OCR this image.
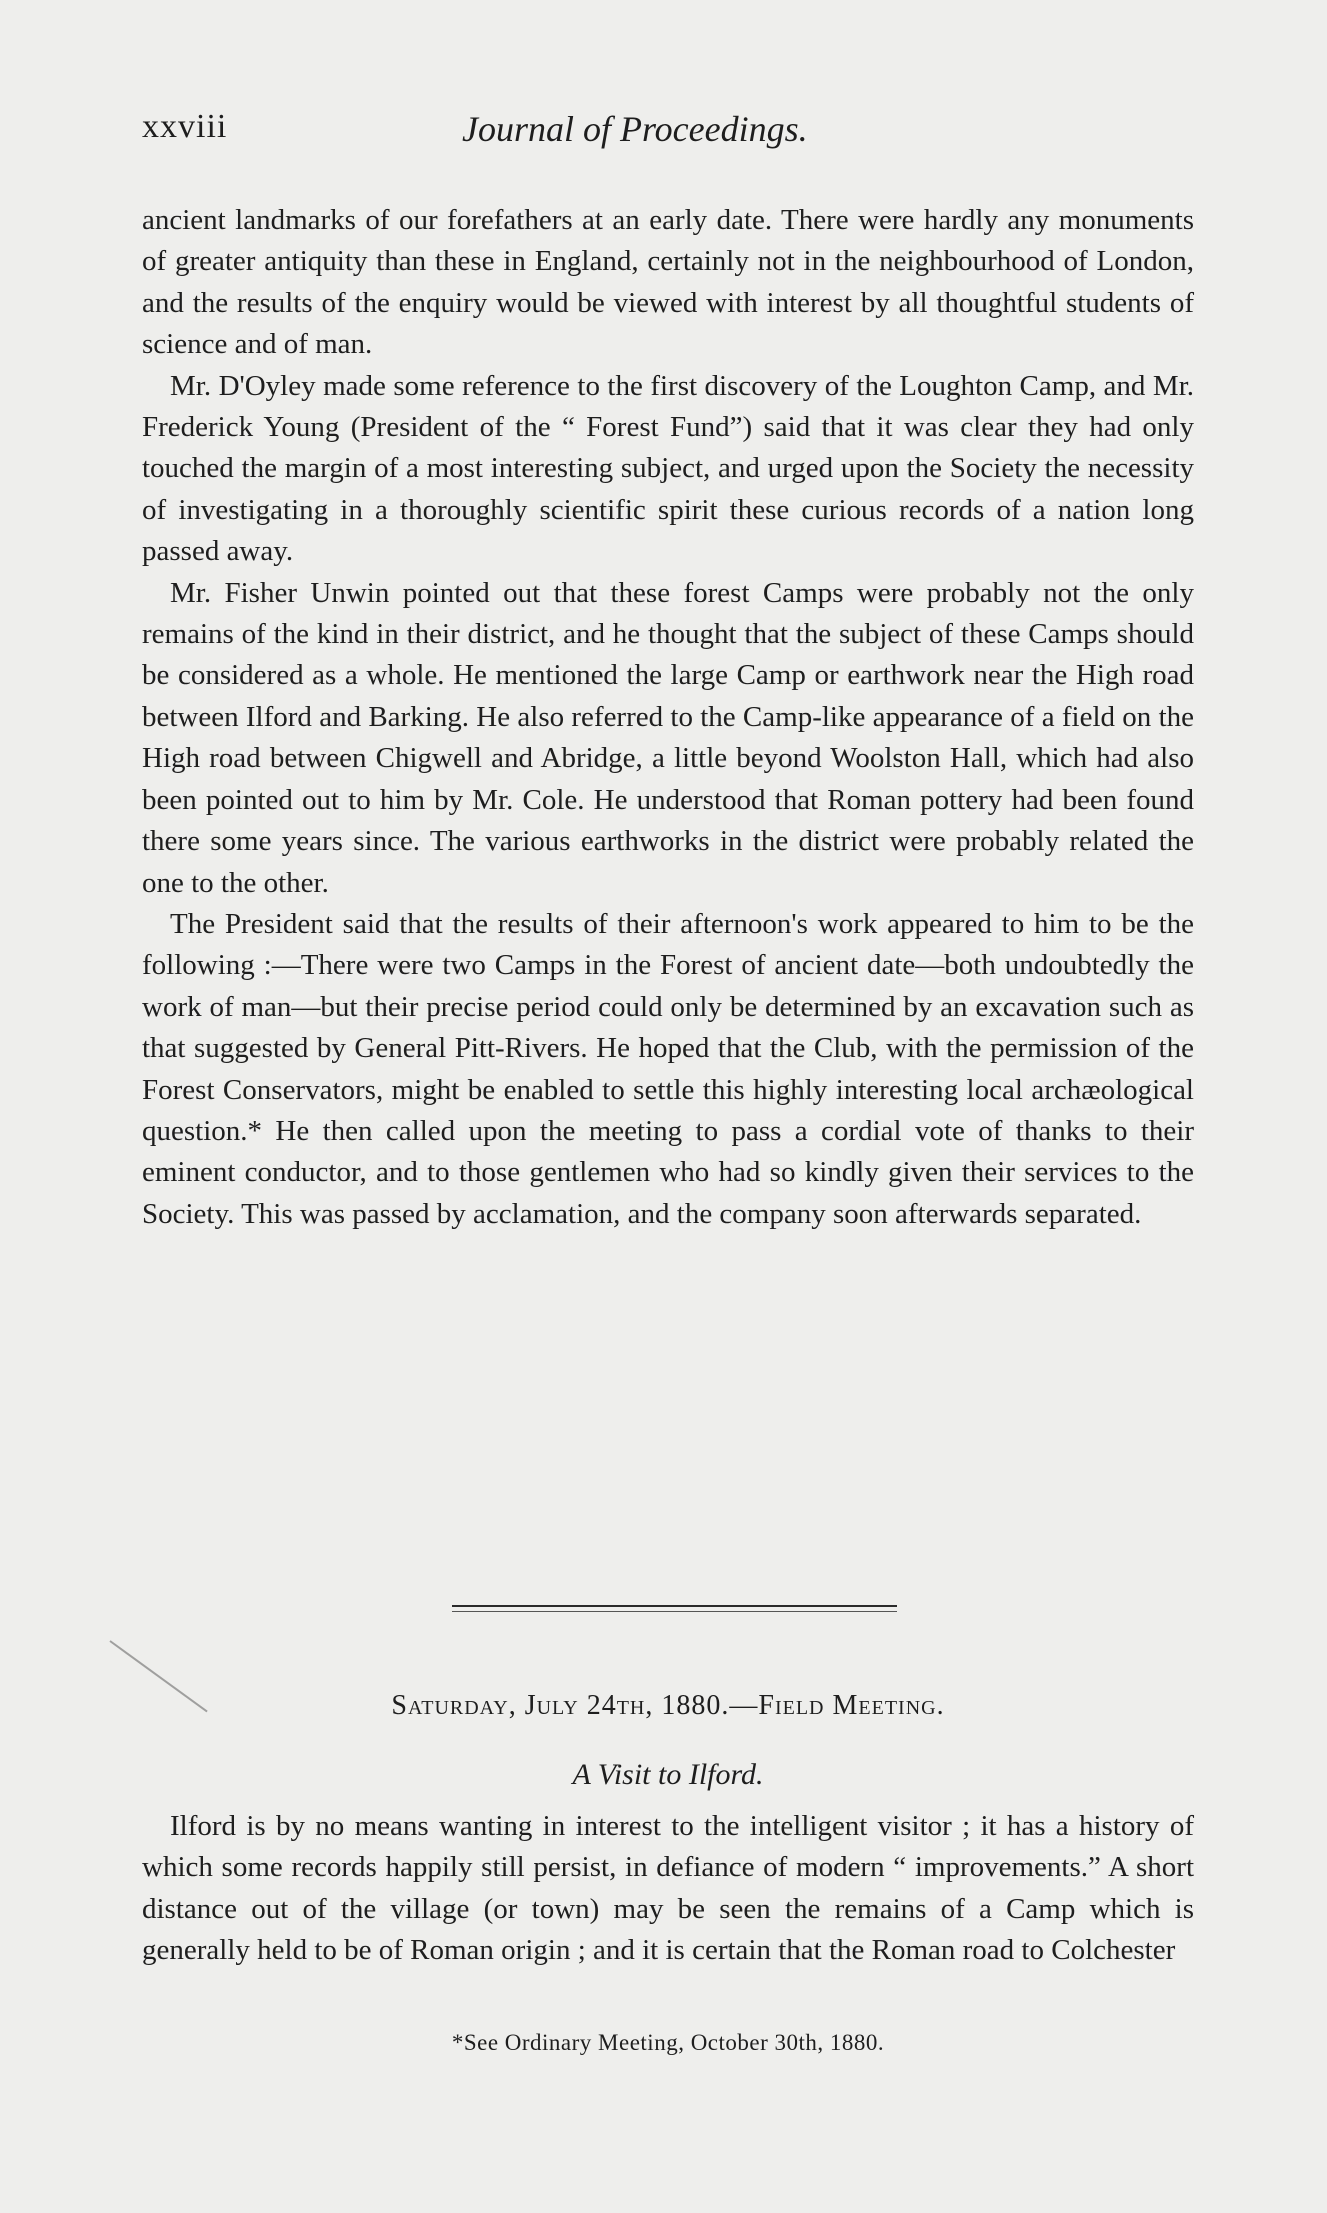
xxviii	Journal of Proceedings.

ancient landmarks of our forefathers at an early date. There were hardly any monuments of greater antiquity than these in England, certainly not in the neighbourhood of London, and the results of the enquiry would be viewed with interest by all thoughtful students of science and of man.

Mr. D'Oyley made some reference to the first discovery of the Loughton Camp, and Mr. Frederick Young (President of the “ Forest Fund”) said that it was clear they had only touched the margin of a most interesting subject, and urged upon the Society the necessity of investigating in a thoroughly scientific spirit these curious records of a nation long passed away.

Mr. Fisher Unwin pointed out that these forest Camps were probably not the only remains of the kind in their district, and he thought that the subject of these Camps should be considered as a whole. He mentioned the large Camp or earthwork near the High road between Ilford and Barking. He also referred to the Camp-like appearance of a field on the High road between Chigwell and Abridge, a little beyond Woolston Hall, which had also been pointed out to him by Mr. Cole. He understood that Roman pottery had been found there some years since. The various earthworks in the district were probably related the one to the other.

The President said that the results of their afternoon's work appeared to him to be the following :—There were two Camps in the Forest of ancient date—both undoubtedly the work of man—but their precise period could only be determined by an excavation such as that suggested by General Pitt-Rivers. He hoped that the Club, with the permission of the Forest Conservators, might be enabled to settle this highly interesting local archæological question.* He then called upon the meeting to pass a cordial vote of thanks to their eminent conductor, and to those gentlemen who had so kindly given their services to the Society. This was passed by acclamation, and the company soon afterwards separated.

Saturday, July 24th, 1880.—Field Meeting.
A Visit to Ilford.

Ilford is by no means wanting in interest to the intelligent visitor ; it has a history of which some records happily still persist, in defiance of modern “ improvements.” A short distance out of the village (or town) may be seen the remains of a Camp which is generally held to be of Roman origin ; and it is certain that the Roman road to Colchester

*See Ordinary Meeting, October 30th, 1880.
